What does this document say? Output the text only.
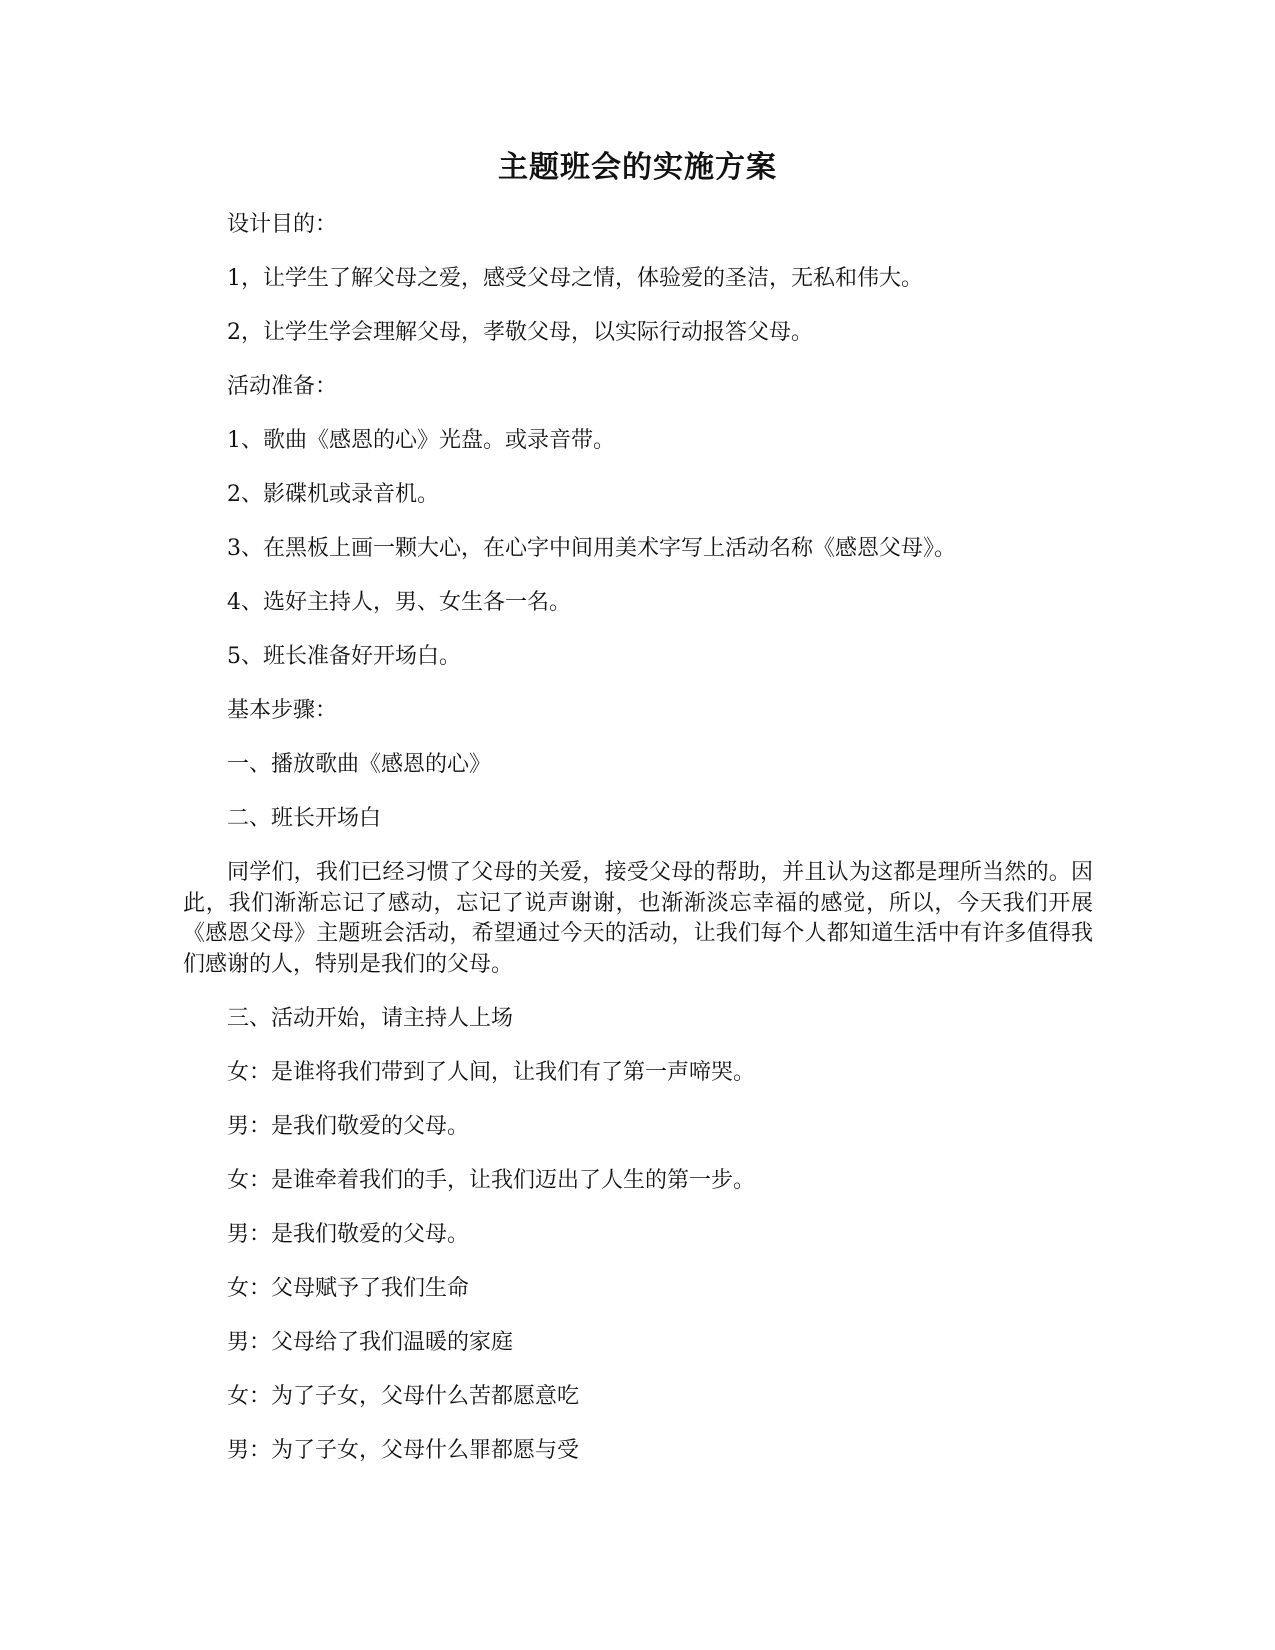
主题班会的实施方案

设计目的：

1，让学生了解父母之爱，感受父母之情，体验爱的圣洁，无私和伟大。

2，让学生学会理解父母，孝敬父母，以实际行动报答父母。

活动准备：

1、歌曲《感恩的心》光盘。或录音带。

2、影碟机或录音机。

3、在黑板上画一颗大心，在心字中间用美术字写上活动名称《感恩父母》。

4、选好主持人，男、女生各一名。

5、班长准备好开场白。

基本步骤：

一、播放歌曲《感恩的心》

二、班长开场白

同学们，我们已经习惯了父母的关爱，接受父母的帮助，并且认为这都是理所当然的。因此，我们渐渐忘记了感动，忘记了说声谢谢，也渐渐淡忘幸福的感觉，所以，今天我们开展《感恩父母》主题班会活动，希望通过今天的活动，让我们每个人都知道生活中有许多值得我们感谢的人，特别是我们的父母。

三、活动开始，请主持人上场

女：是谁将我们带到了人间，让我们有了第一声啼哭。

男：是我们敬爱的父母。

女：是谁牵着我们的手，让我们迈出了人生的第一步。

男：是我们敬爱的父母。

女：父母赋予了我们生命

男：父母给了我们温暖的家庭

女：为了子女，父母什么苦都愿意吃

男：为了子女，父母什么罪都愿与受
